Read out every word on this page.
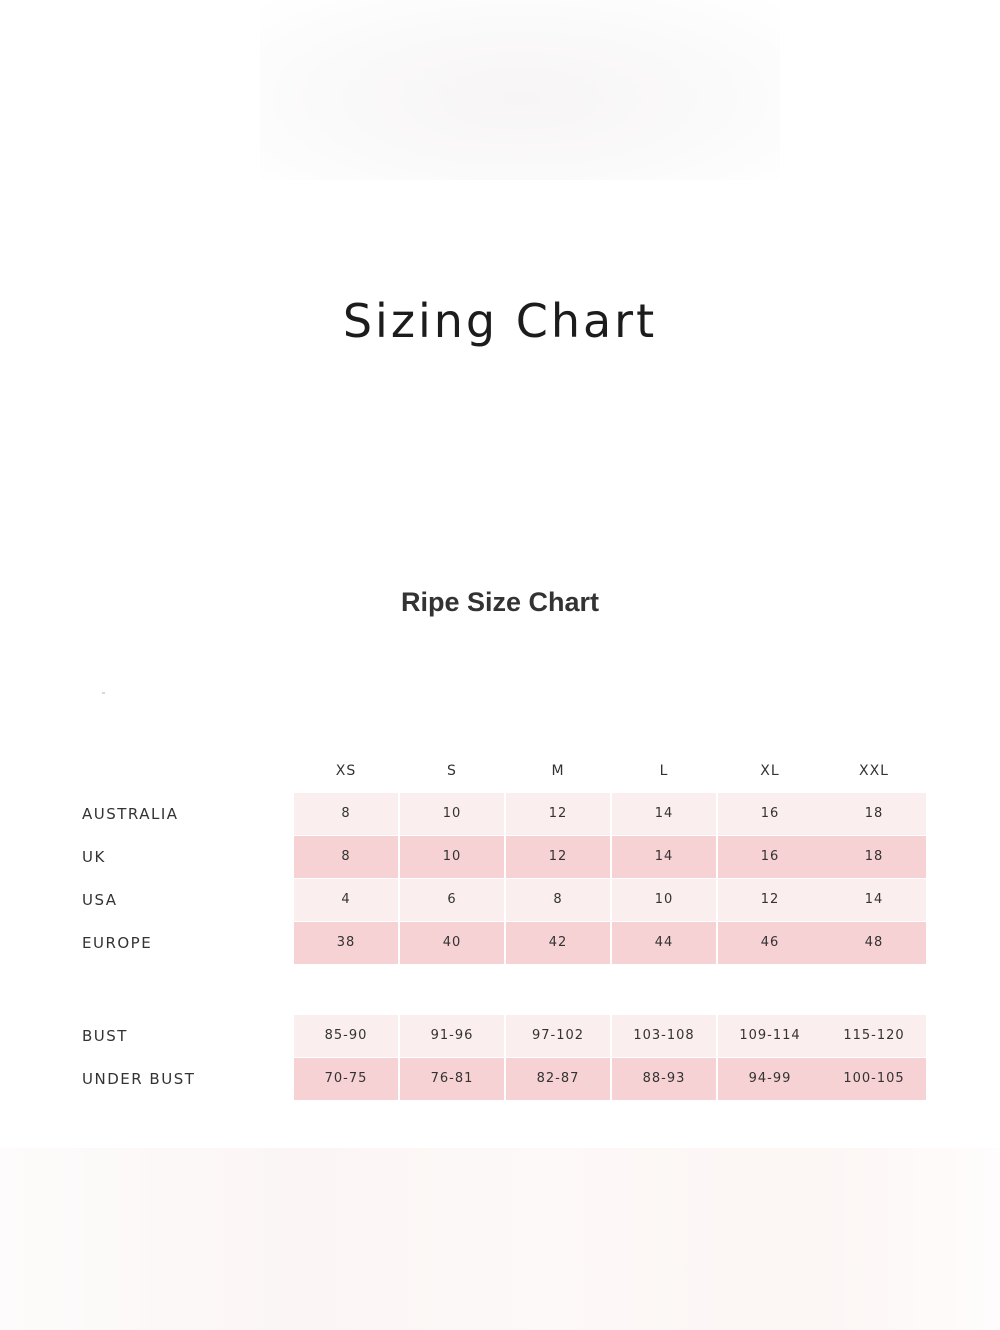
Sizing Chart
Ripe Size Chart
XS	S	M	L	XL	XXL
AUSTRALIA	8	10	12	14	16	18
UK	8	10	12	14	16	18
USA	4	6	8	10	12	14
EUROPE	38	40	42	44	46	48
BUST	85-90	91-96	97-102	103-108	109-114	115-120
UNDER BUST	70-75	76-81	82-87	88-93	94-99	100-105
